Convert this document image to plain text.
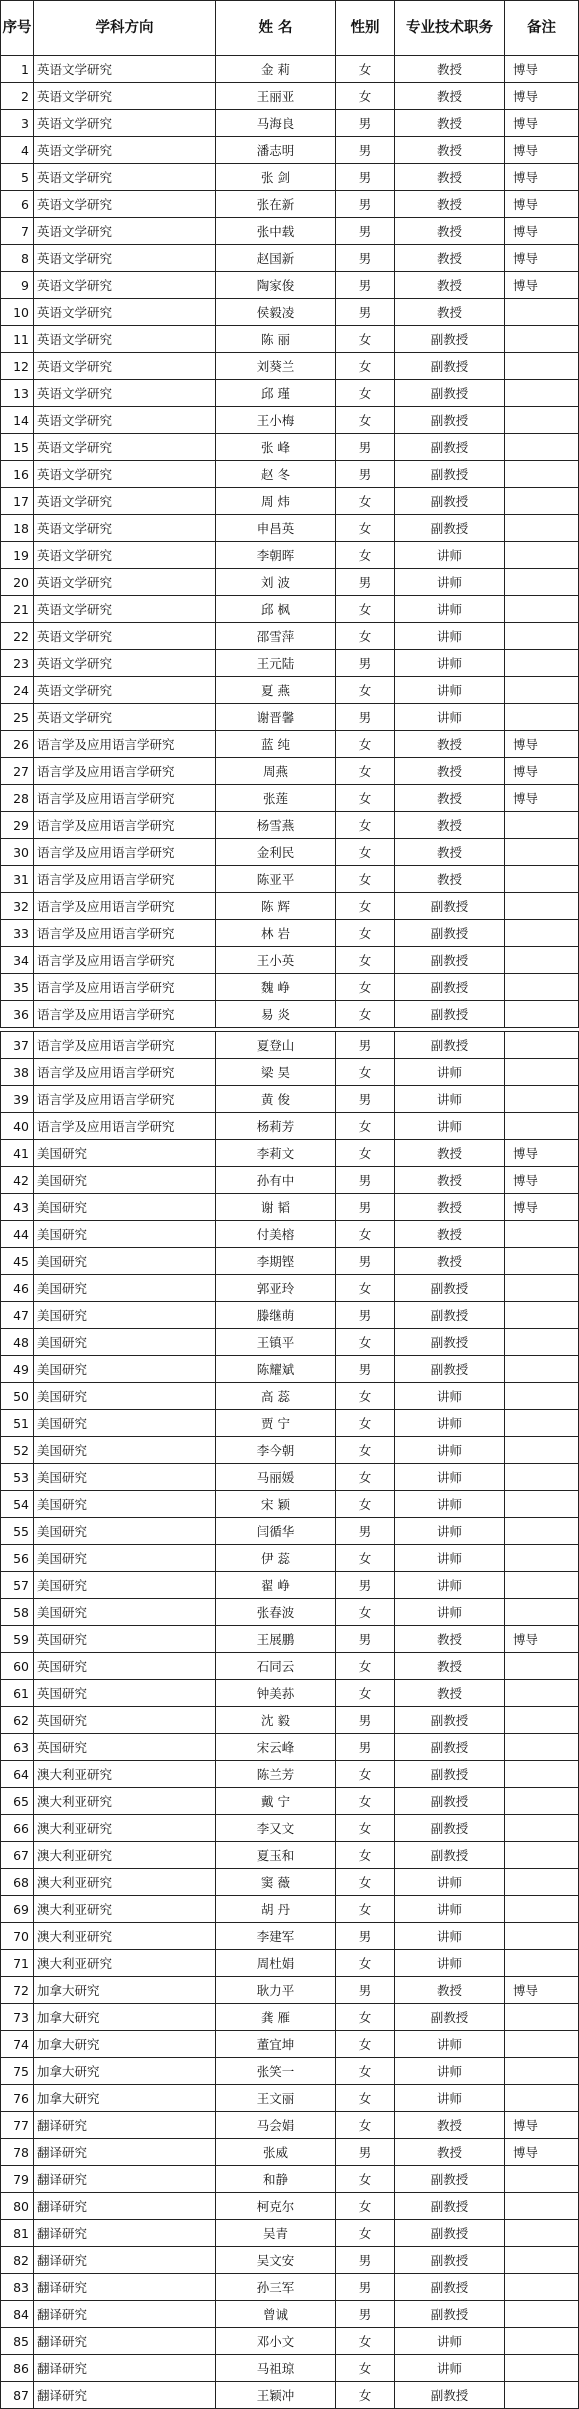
序号	学科方向	姓 名	性别	专业技术职务	备注
1	英语文学研究	金 莉	女	教授	博导
2	英语文学研究	王丽亚	女	教授	博导
3	英语文学研究	马海良	男	教授	博导
4	英语文学研究	潘志明	男	教授	博导
5	英语文学研究	张 剑	男	教授	博导
6	英语文学研究	张在新	男	教授	博导
7	英语文学研究	张中载	男	教授	博导
8	英语文学研究	赵国新	男	教授	博导
9	英语文学研究	陶家俊	男	教授	博导
10	英语文学研究	侯毅凌	男	教授	
11	英语文学研究	陈 丽	女	副教授	
12	英语文学研究	刘葵兰	女	副教授	
13	英语文学研究	邱 瑾	女	副教授	
14	英语文学研究	王小梅	女	副教授	
15	英语文学研究	张 峰	男	副教授	
16	英语文学研究	赵 冬	男	副教授	
17	英语文学研究	周 炜	女	副教授	
18	英语文学研究	申昌英	女	副教授	
19	英语文学研究	李朝晖	女	讲师	
20	英语文学研究	刘 波	男	讲师	
21	英语文学研究	邱 枫	女	讲师	
22	英语文学研究	邵雪萍	女	讲师	
23	英语文学研究	王元陆	男	讲师	
24	英语文学研究	夏 燕	女	讲师	
25	英语文学研究	谢晋馨	男	讲师	
26	语言学及应用语言学研究	蓝 纯	女	教授	博导
27	语言学及应用语言学研究	周燕	女	教授	博导
28	语言学及应用语言学研究	张莲	女	教授	博导
29	语言学及应用语言学研究	杨雪燕	女	教授	
30	语言学及应用语言学研究	金利民	女	教授	
31	语言学及应用语言学研究	陈亚平	女	教授	
32	语言学及应用语言学研究	陈 辉	女	副教授	
33	语言学及应用语言学研究	林 岩	女	副教授	
34	语言学及应用语言学研究	王小英	女	副教授	
35	语言学及应用语言学研究	魏 峥	女	副教授	
36	语言学及应用语言学研究	易 炎	女	副教授	

37	语言学及应用语言学研究	夏登山	男	副教授	
38	语言学及应用语言学研究	梁 昊	女	讲师	
39	语言学及应用语言学研究	黄 俊	男	讲师	
40	语言学及应用语言学研究	杨莉芳	女	讲师	
41	美国研究	李莉文	女	教授	博导
42	美国研究	孙有中	男	教授	博导
43	美国研究	谢 韬	男	教授	博导
44	美国研究	付美榕	女	教授	
45	美国研究	李期铿	男	教授	
46	美国研究	郭亚玲	女	副教授	
47	美国研究	滕继萌	男	副教授	
48	美国研究	王镇平	女	副教授	
49	美国研究	陈耀斌	男	副教授	
50	美国研究	高 蕊	女	讲师	
51	美国研究	贾 宁	女	讲师	
52	美国研究	李今朝	女	讲师	
53	美国研究	马丽媛	女	讲师	
54	美国研究	宋 颖	女	讲师	
55	美国研究	闫循华	男	讲师	
56	美国研究	伊 蕊	女	讲师	
57	美国研究	翟 峥	男	讲师	
58	美国研究	张春波	女	讲师	
59	英国研究	王展鹏	男	教授	博导
60	英国研究	石同云	女	教授	
61	英国研究	钟美荪	女	教授	
62	英国研究	沈 毅	男	副教授	
63	英国研究	宋云峰	男	副教授	
64	澳大利亚研究	陈兰芳	女	副教授	
65	澳大利亚研究	戴 宁	女	副教授	
66	澳大利亚研究	李又文	女	副教授	
67	澳大利亚研究	夏玉和	女	副教授	
68	澳大利亚研究	窦 薇	女	讲师	
69	澳大利亚研究	胡 丹	女	讲师	
70	澳大利亚研究	李建军	男	讲师	
71	澳大利亚研究	周杜娟	女	讲师	
72	加拿大研究	耿力平	男	教授	博导
73	加拿大研究	龚 雁	女	副教授	
74	加拿大研究	董宜坤	女	讲师	
75	加拿大研究	张笑一	女	讲师	
76	加拿大研究	王文丽	女	讲师	
77	翻译研究	马会娟	女	教授	博导
78	翻译研究	张威	男	教授	博导
79	翻译研究	和静	女	副教授	
80	翻译研究	柯克尔	女	副教授	
81	翻译研究	吴青	女	副教授	
82	翻译研究	吴文安	男	副教授	
83	翻译研究	孙三军	男	副教授	
84	翻译研究	曾诚	男	副教授	
85	翻译研究	邓小文	女	讲师	
86	翻译研究	马祖琼	女	讲师	
87	翻译研究	王颖冲	女	副教授	
